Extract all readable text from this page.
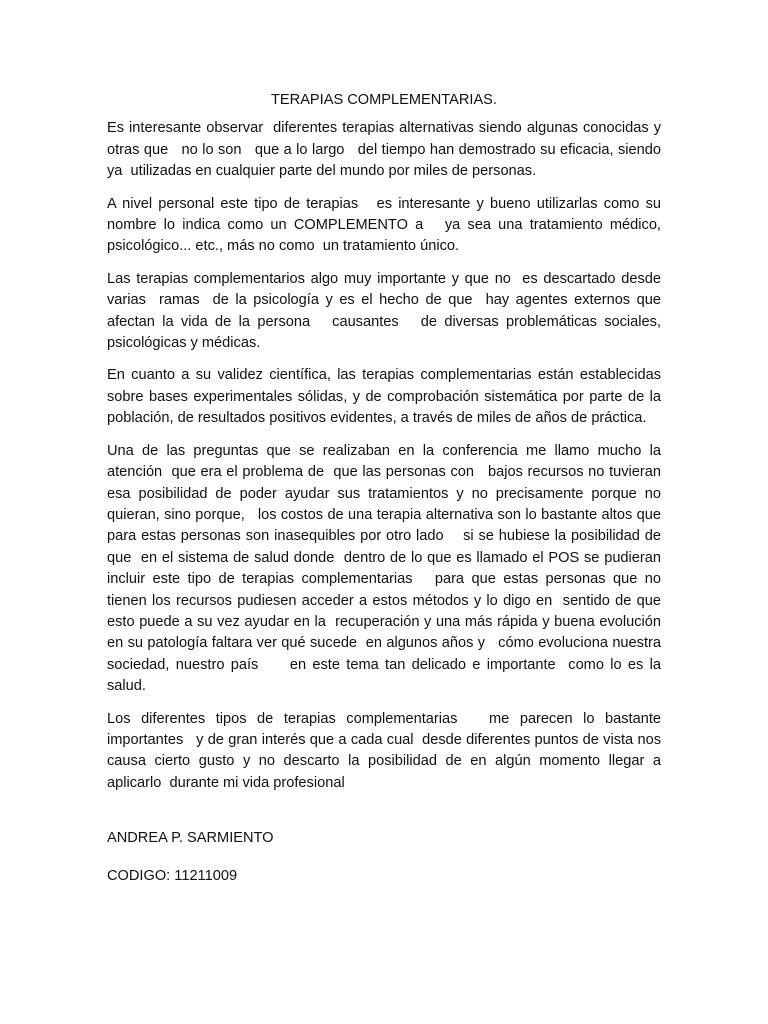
TERAPIAS COMPLEMENTARIAS.

Es interesante observar  diferentes terapias alternativas siendo algunas conocidas y otras que   no lo son   que a lo largo   del tiempo han demostrado su eficacia, siendo ya  utilizadas en cualquier parte del mundo por miles de personas.

A nivel personal este tipo de terapias   es interesante y bueno utilizarlas como su nombre lo indica como un COMPLEMENTO a   ya sea una tratamiento médico, psicológico... etc., más no como  un tratamiento único.

Las terapias complementarios algo muy importante y que no  es descartado desde varias  ramas  de la psicología y es el hecho de que  hay agentes externos que afectan la vida de la persona   causantes   de diversas problemáticas sociales, psicológicas y médicas.

En cuanto a su validez científica, las terapias complementarias están establecidas sobre bases experimentales sólidas, y de comprobación sistemática por parte de la población, de resultados positivos evidentes, a través de miles de años de práctica.

Una de las preguntas que se realizaban en la conferencia me llamo mucho la atención  que era el problema de  que las personas con   bajos recursos no tuvieran esa posibilidad de poder ayudar sus tratamientos y no precisamente porque no quieran, sino porque,   los costos de una terapia alternativa son lo bastante altos que para estas personas son inasequibles por otro lado    si se hubiese la posibilidad de que  en el sistema de salud donde  dentro de lo que es llamado el POS se pudieran incluir este tipo de terapias complementarias   para que estas personas que no tienen los recursos pudiesen acceder a estos métodos y lo digo en  sentido de que esto puede a su vez ayudar en la  recuperación y una más rápida y buena evolución en su patología faltara ver qué sucede  en algunos años y   cómo evoluciona nuestra sociedad, nuestro país     en este tema tan delicado e importante  como lo es la salud.

Los diferentes tipos de terapias complementarias   me parecen lo bastante importantes   y de gran interés que a cada cual  desde diferentes puntos de vista nos causa cierto gusto y no descarto la posibilidad de en algún momento llegar a aplicarlo  durante mi vida profesional

ANDREA P. SARMIENTO
CODIGO: 11211009
